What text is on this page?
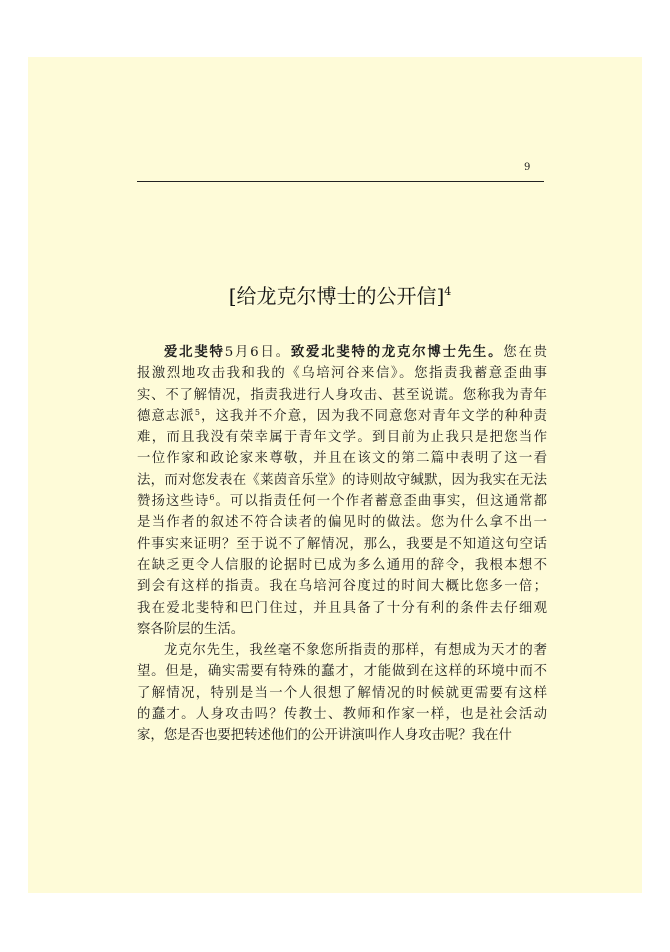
9
[给龙克尔博士的公开信]$^4$
爱北斐特5月6日。致爱北斐特的龙克尔博士先生。您在贵
报激烈地攻击我和我的《乌培河谷来信》。您指责我蓄意歪曲事
实、不了解情况，指责我进行人身攻击、甚至说谎。您称我为青年
德意志派$^5$，这我并不介意，因为我不同意您对青年文学的种种责
难，而且我没有荣幸属于青年文学。到目前为止我只是把您当作
一位作家和政论家来尊敬，并且在该文的第二篇中表明了这一看
法，而对您发表在《莱茵音乐堂》的诗则故守缄默，因为我实在无法
赞扬这些诗$^6$。可以指责任何一个作者蓄意歪曲事实，但这通常都
是当作者的叙述不符合读者的偏见时的做法。您为什么拿不出一
件事实来证明？至于说不了解情况，那么，我要是不知道这句空话
在缺乏更令人信服的论据时已成为多么通用的辞令，我根本想不
到会有这样的指责。我在乌培河谷度过的时间大概比您多一倍；
我在爱北斐特和巴门住过，并且具备了十分有利的条件去仔细观
察各阶层的生活。
龙克尔先生，我丝毫不象您所指责的那样，有想成为天才的奢
望。但是，确实需要有特殊的蠢才，才能做到在这样的环境中而不
了解情况，特别是当一个人很想了解情况的时候就更需要有这样
的蠢才。人身攻击吗？传教士、教师和作家一样，也是社会活动
家，您是否也要把转述他们的公开讲演叫作人身攻击呢？我在什
